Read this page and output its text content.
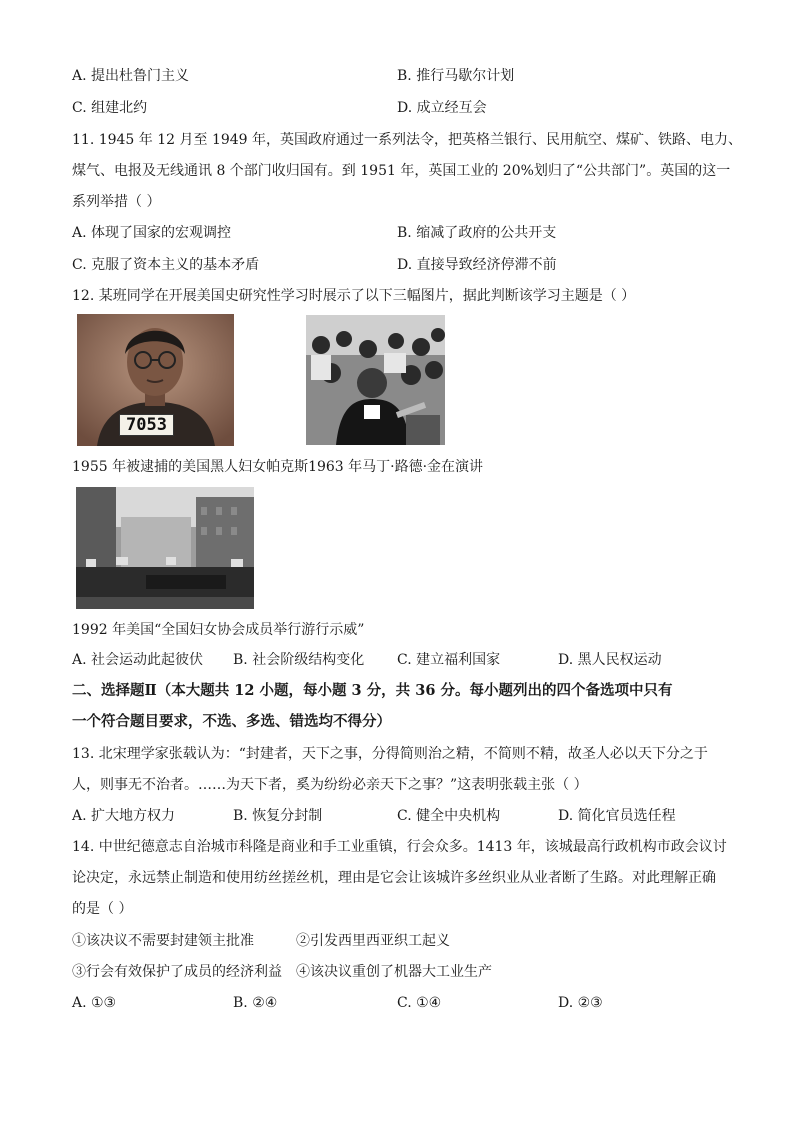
A. 提出杜鲁门主义	B. 推行马歇尔计划
C. 组建北约	D. 成立经互会
11. 1945 年 12 月至 1949 年，英国政府通过一系列法令，把英格兰银行、民用航空、煤矿、铁路、电力、
煤气、电报及无线通讯 8 个部门收归国有。到 1951 年，英国工业的 20%划归了“公共部门”。英国的这一
系列举措（ ）
A. 体现了国家的宏观调控	B. 缩减了政府的公共开支
C. 克服了资本主义的基本矛盾	D. 直接导致经济停滞不前
12. 某班同学在开展美国史研究性学习时展示了以下三幅图片，据此判断该学习主题是（ ）
7053
1955 年被逮捕的美国黑人妇女帕克斯1963 年马丁·路德·金在演讲
1992 年美国“全国妇女协会成员举行游行示威”
A. 社会运动此起彼伏 B. 社会阶级结构变化 C. 建立福利国家	D. 黑人民权运动
二、选择题Ⅱ（本大题共 12 小题，每小题 3 分，共 36 分。每小题列出的四个备选项中只有
一个符合题目要求，不选、多选、错选均不得分）
13. 北宋理学家张载认为：“封建者，天下之事，分得简则治之精，不简则不精，故圣人必以天下分之于
人，则事无不治者。……为天下者，奚为纷纷必亲天下之事？”这表明张载主张（ ）
A. 扩大地方权力	B. 恢复分封制	C. 健全中央机构	D. 简化官员选任程
14. 中世纪德意志自治城市科隆是商业和手工业重镇，行会众多。1413 年，该城最高行政机构市政会议讨
论决定，永远禁止制造和使用纺丝搓丝机，理由是它会让该城许多丝织业从业者断了生路。对此理解正确
的是（ ）
①该决议不需要封建领主批准	②引发西里西亚织工起义
③行会有效保护了成员的经济利益 ④该决议重创了机器大工业生产
A. ①③	B. ②④	C. ①④	D. ②③
